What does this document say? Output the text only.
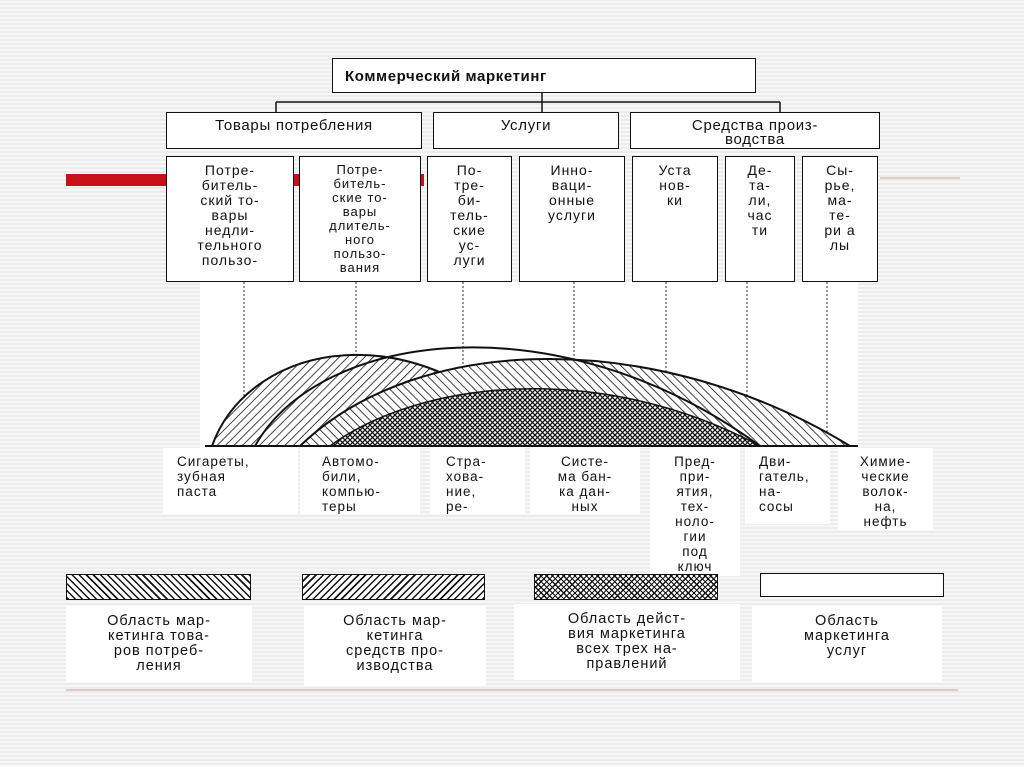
Коммерческий маркетинг
Товары потребления	Услуги	Средства произ-
водства
Потре-
битель-
ский то-
вары
недли-
тельного
пользо-
Потре-
битель-
ские то-
вары
длитель-
ного
пользо-
вания
По-
тре-
би-
тель-
ские
ус-
луги
Инно-
ваци-
онные
услуги
Уста
нов-
ки
Де-
та-
ли,
час
ти
Сы-
рье,
ма-
те-
ри а
лы
Сигареты,
зубная
паста
Автомо-
били,
компью-
теры
Стра-
хова-
ние,
ре-
Систе-
ма бан-
ка дан-
ных
Пред-
при-
ятия,
тех-
ноло-
гии
под
ключ
Дви-
гатель,
на-
сосы
Химие-
ческие
волок-
на,
нефть
Область мар-
кетинга това-
ров потреб-
ления
Область мар-
кетинга
средств про-
изводства
Область дейст-
вия маркетинга
всех трех на-
правлений
Область
маркетинга
услуг
